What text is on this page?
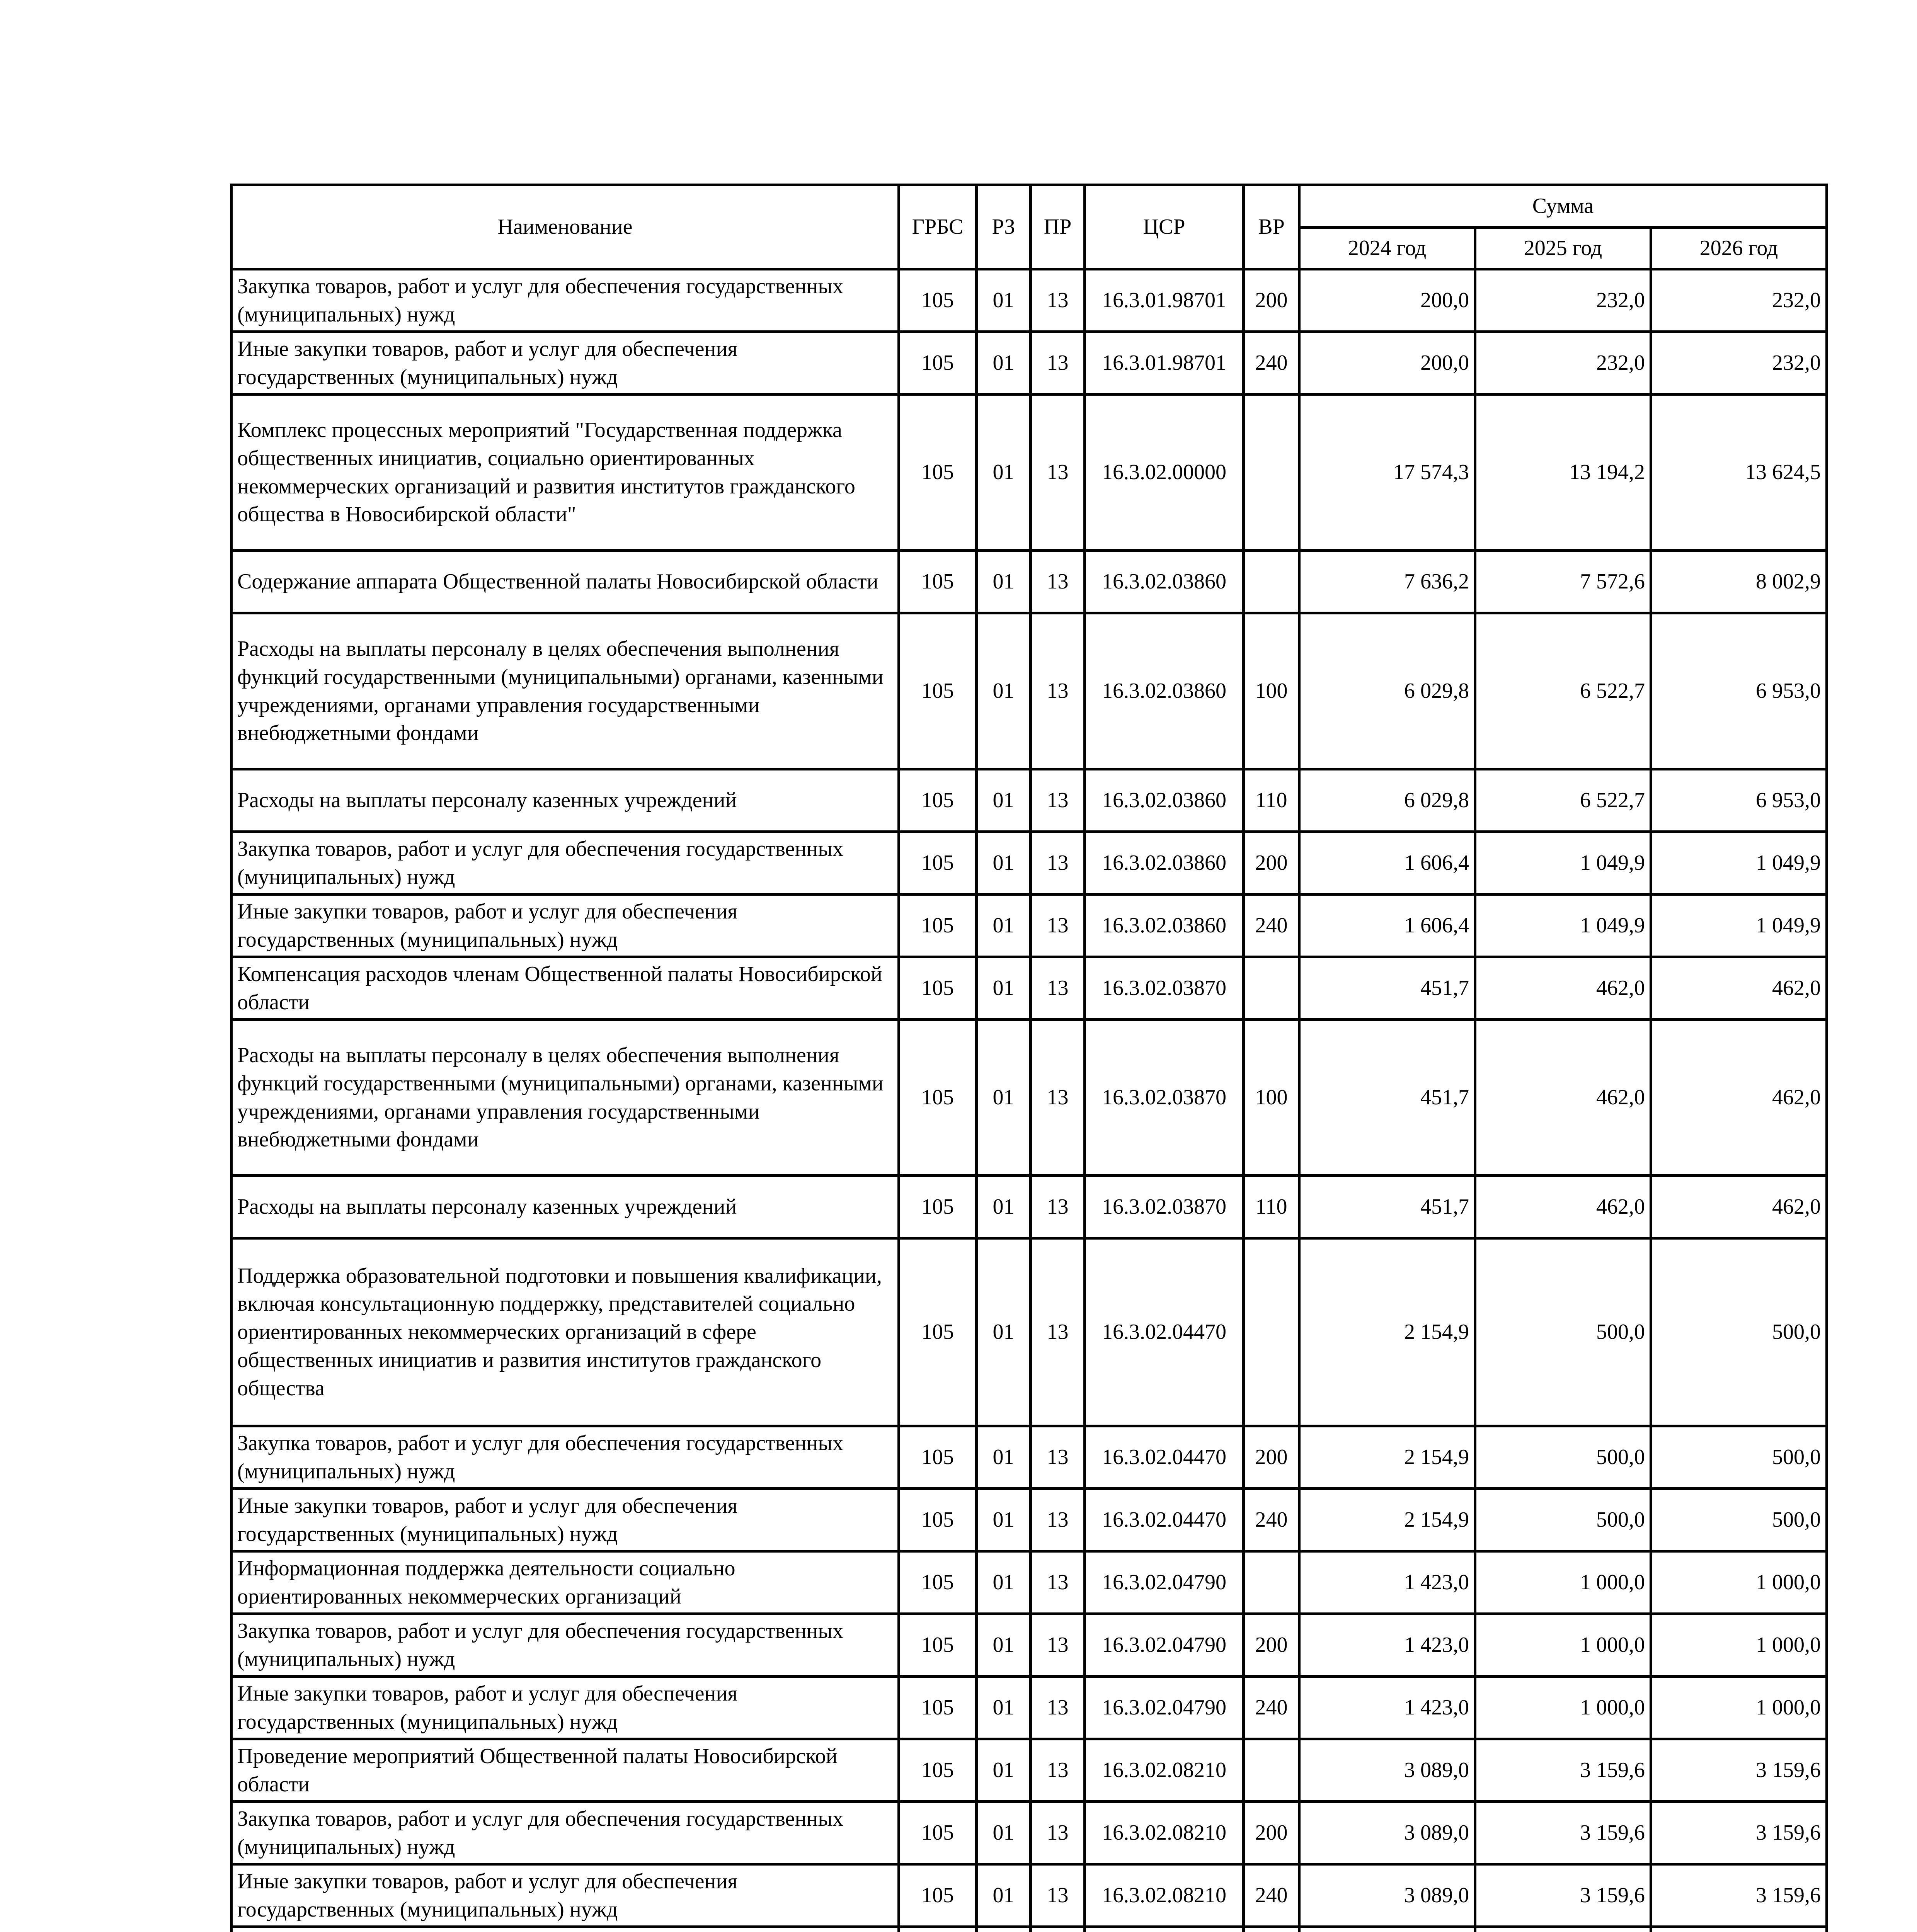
Наименование	ГРБС	РЗ	ПР	ЦСР	ВР	Сумма		
						2024 год	2025 год	2026 год
Закупка товаров, работ и услуг для обеспечения государственных (муниципальных) нужд	105	01	13	16.3.01.98701	200	200,0	232,0	232,0
Иные закупки товаров, работ и услуг для обеспечения государственных (муниципальных) нужд	105	01	13	16.3.01.98701	240	200,0	232,0	232,0
Комплекс процессных мероприятий "Государственная поддержка общественных инициатив, социально ориентированных некоммерческих организаций и развития институтов гражданского общества в Новосибирской области"	105	01	13	16.3.02.00000		17 574,3	13 194,2	13 624,5
Содержание аппарата Общественной палаты Новосибирской области	105	01	13	16.3.02.03860		7 636,2	7 572,6	8 002,9
Расходы на выплаты персоналу в целях обеспечения выполнения функций государственными (муниципальными) органами, казенными учреждениями, органами управления государственными внебюджетными фондами	105	01	13	16.3.02.03860	100	6 029,8	6 522,7	6 953,0
Расходы на выплаты персоналу казенных учреждений	105	01	13	16.3.02.03860	110	6 029,8	6 522,7	6 953,0
Закупка товаров, работ и услуг для обеспечения государственных (муниципальных) нужд	105	01	13	16.3.02.03860	200	1 606,4	1 049,9	1 049,9
Иные закупки товаров, работ и услуг для обеспечения государственных (муниципальных) нужд	105	01	13	16.3.02.03860	240	1 606,4	1 049,9	1 049,9
Компенсация расходов членам Общественной палаты Новосибирской области	105	01	13	16.3.02.03870		451,7	462,0	462,0
Расходы на выплаты персоналу в целях обеспечения выполнения функций государственными (муниципальными) органами, казенными учреждениями, органами управления государственными внебюджетными фондами	105	01	13	16.3.02.03870	100	451,7	462,0	462,0
Расходы на выплаты персоналу казенных учреждений	105	01	13	16.3.02.03870	110	451,7	462,0	462,0
Поддержка образовательной подготовки и повышения квалификации, включая консультационную поддержку, представителей социально ориентированных некоммерческих организаций в сфере общественных инициатив и развития институтов гражданского общества	105	01	13	16.3.02.04470		2 154,9	500,0	500,0
Закупка товаров, работ и услуг для обеспечения государственных (муниципальных) нужд	105	01	13	16.3.02.04470	200	2 154,9	500,0	500,0
Иные закупки товаров, работ и услуг для обеспечения государственных (муниципальных) нужд	105	01	13	16.3.02.04470	240	2 154,9	500,0	500,0
Информационная поддержка деятельности социально ориентированных некоммерческих организаций	105	01	13	16.3.02.04790		1 423,0	1 000,0	1 000,0
Закупка товаров, работ и услуг для обеспечения государственных (муниципальных) нужд	105	01	13	16.3.02.04790	200	1 423,0	1 000,0	1 000,0
Иные закупки товаров, работ и услуг для обеспечения государственных (муниципальных) нужд	105	01	13	16.3.02.04790	240	1 423,0	1 000,0	1 000,0
Проведение мероприятий Общественной палаты Новосибирской области	105	01	13	16.3.02.08210		3 089,0	3 159,6	3 159,6
Закупка товаров, работ и услуг для обеспечения государственных (муниципальных) нужд	105	01	13	16.3.02.08210	200	3 089,0	3 159,6	3 159,6
Иные закупки товаров, работ и услуг для обеспечения государственных (муниципальных) нужд	105	01	13	16.3.02.08210	240	3 089,0	3 159,6	3 159,6
